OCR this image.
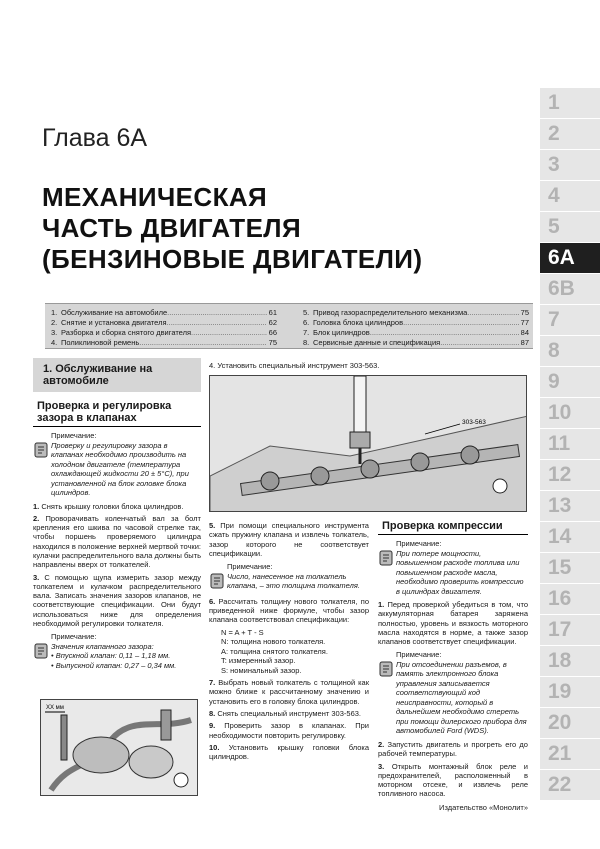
Глава 6А
МЕХАНИЧЕСКАЯ
ЧАСТЬ ДВИГАТЕЛЯ
(БЕНЗИНОВЫЕ ДВИГАТЕЛИ)
1. Обслуживание на автомобиле .....	61
2. Снятие и установка двигателя .....	62
3. Разборка и сборка снятого двигателя .....	66
4. Поликлиновой ремень .....	75
5. Привод газораспределительного механизма .....	75
6. Головка блока цилиндров .....	77
7. Блок цилиндров .....	84
8. Сервисные данные и спецификация .....	87
1
2
3
4
5
6A
6B
7
8
9
10
11
12
13
14
15
16
17
18
19
20
21
22
1. Обслуживание на автомобиле
Проверка и регулировка зазора в клапанах
Примечание:
Проверку и регулировку зазора в клапанах необходимо производить на холодном двигателе (температура охлаждающей жидкости 20 ± 5°С), при установленной на блок головке блока цилиндров.
1. Снять крышку головки блока цилиндров.
2. Проворачивать коленчатый вал за болт крепления его шкива по часовой стрелке так, чтобы поршень проверяемого цилиндра находился в положение верхней мертвой точки: кулачки распределительного вала должны быть направлены вверх от толкателей.
3. С помощью щупа измерить зазор между толкателем и кулачком распределительного вала. Записать значения зазоров клапанов, не соответствующие спецификации. Они будут использоваться ниже для определения необходимой регулировки толкателя.
Примечание:
Значения клапанного зазора:
• Впускной клапан: 0,11 – 1,18 мм.
• Выпускной клапан: 0,27 – 0,34 мм.
XX мм
4. Установить специальный инструмент 303-563.
303-563
5. При помощи специального инструмента сжать пружину клапана и извлечь толкатель, зазор которого не соответствует спецификации.
Примечание:
Число, нанесенное на толкатель клапана, – это толщина толкателя.
6. Рассчитать толщину нового толкателя, по приведенной ниже формуле, чтобы зазор клапана соответствовал спецификации:
N = A + T - S
N: толщина нового толкателя.
A: толщина снятого толкателя.
T: измеренный зазор.
S: номинальный зазор.
7. Выбрать новый толкатель с толщиной как можно ближе к рассчитанному значению и установить его в головку блока цилиндров.
8. Снять специальный инструмент 303-563.
9. Проверить зазор в клапанах. При необходимости повторить регулировку.
10. Установить крышку головки блока цилиндров.
Проверка компрессии
Примечание:
При потере мощности, повышенном расходе топлива или повышенном расходе масла, необходимо проверить компрессию в цилиндрах двигателя.
1. Перед проверкой убедиться в том, что аккумуляторная батарея заряжена полностью, уровень и вязкость моторного масла находятся в норме, а также зазор клапанов соответствует спецификации.
Примечание:
При отсоединении разъемов, в память электронного блока управления записывается соответствующий код неисправности, который в дальнейшем необходимо стереть при помощи дилерского прибора для автомобилей Ford (WDS).
2. Запустить двигатель и прогреть его до рабочей температуры.
3. Открыть монтажный блок реле и предохранителей, расположенный в моторном отсеке, и извлечь реле топливного насоса.
Издательство «Монолит»
